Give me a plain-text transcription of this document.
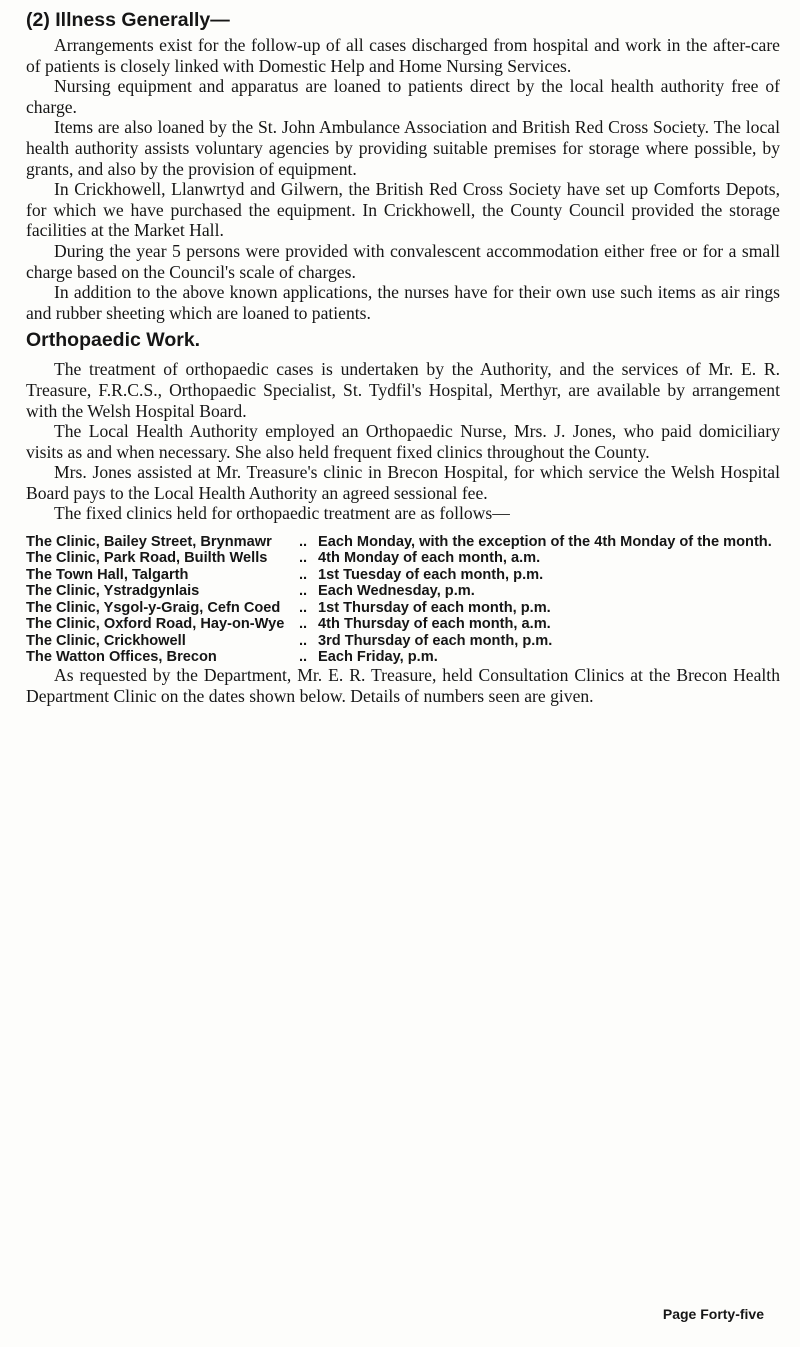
(2) Illness Generally—

Arrangements exist for the follow-up of all cases discharged from hospital and work in the after-care of patients is closely linked with Domestic Help and Home Nursing Services.

Nursing equipment and apparatus are loaned to patients direct by the local health authority free of charge.

Items are also loaned by the St. John Ambulance Association and British Red Cross Society. The local health authority assists voluntary agencies by providing suitable premises for storage where possible, by grants, and also by the provision of equipment.

In Crickhowell, Llanwrtyd and Gilwern, the British Red Cross Society have set up Comforts Depots, for which we have purchased the equipment. In Crickhowell, the County Council provided the storage facilities at the Market Hall.

During the year 5 persons were provided with convalescent accommodation either free or for a small charge based on the Council's scale of charges.

In addition to the above known applications, the nurses have for their own use such items as air rings and rubber sheeting which are loaned to patients.

Orthopaedic Work.

The treatment of orthopaedic cases is undertaken by the Authority, and the services of Mr. E. R. Treasure, F.R.C.S., Orthopaedic Specialist, St. Tydfil's Hospital, Merthyr, are available by arrangement with the Welsh Hospital Board.

The Local Health Authority employed an Orthopaedic Nurse, Mrs. J. Jones, who paid domiciliary visits as and when necessary. She also held frequent fixed clinics throughout the County.

Mrs. Jones assisted at Mr. Treasure's clinic in Brecon Hospital, for which service the Welsh Hospital Board pays to the Local Health Authority an agreed sessional fee.

The fixed clinics held for orthopaedic treatment are as follows—

The Clinic, Bailey Street, Brynmawr	.. Each Monday, with the exception of the 4th Monday of the month.
The Clinic, Park Road, Builth Wells	.. 4th Monday of each month, a.m.
The Town Hall, Talgarth	.. 1st Tuesday of each month, p.m.
The Clinic, Ystradgynlais	.. Each Wednesday, p.m.
The Clinic, Ysgol-y-Graig, Cefn Coed	.. 1st Thursday of each month, p.m.
The Clinic, Oxford Road, Hay-on-Wye .. 4th Thursday of each month, a.m.
The Clinic, Crickhowell	.. 3rd Thursday of each month, p.m.
The Watton Offices, Brecon	.. Each Friday, p.m.

As requested by the Department, Mr. E. R. Treasure, held Consultation Clinics at the Brecon Health Department Clinic on the dates shown below. Details of numbers seen are given.

Page Forty-five
